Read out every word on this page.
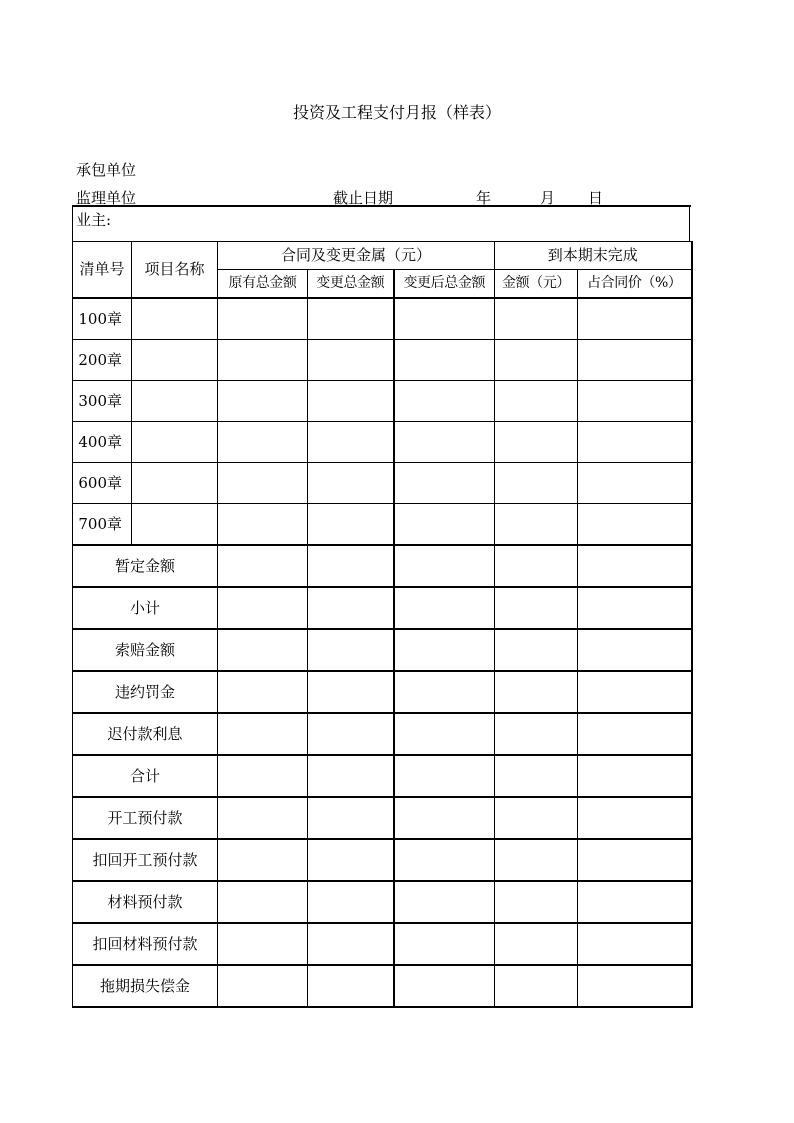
投资及工程支付月报（样表）
承包单位
监理单位	截止日期	年	月 日
业主:
清单号	项目名称	合同及变更金属（元）			到本期末完成	
		原有总金额	变更总金额	变更后总金额	金额（元）	占合同价（%）
100章						
200章						
300章						
400章						
600章						
700章						
暂定金额						
小计						
索赔金额						
违约罚金						
迟付款利息						
合计						
开工预付款						
扣回开工预付款						
材料预付款						
扣回材料预付款						
拖期损失偿金						
